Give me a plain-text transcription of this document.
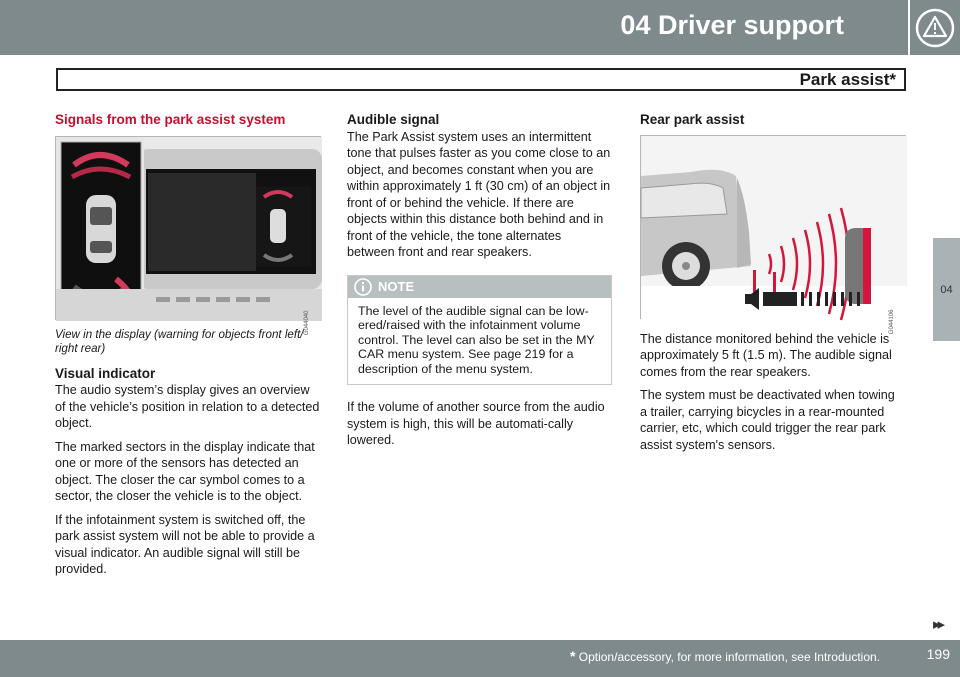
04 Driver support
Park assist*
04
Signals from the park assist system
G044040

View in the display (warning for objects front left/ right rear)

Visual indicator

The audio system’s display gives an overview of the vehicle’s position in relation to a detected object.

The marked sectors in the display indicate that one or more of the sensors has detected an object. The closer the car symbol comes to a sector, the closer the vehicle is to the object.

If the infotainment system is switched off, the park assist system will not be able to provide a visual indicator. An audible signal will still be provided.

Audible signal

The Park Assist system uses an intermittent tone that pulses faster as you come close to an object, and becomes constant when you are within approximately 1 ft (30 cm) of an object in front of or behind the vehicle. If there are objects within this distance both behind and in front of the vehicle, the tone alternates between front and rear speakers.

NOTE
The level of the audible signal can be low-ered/raised with the infotainment volume control. The level can also be set in the MY CAR menu system. See page 219 for a description of the menu system.

If the volume of another source from the audio system is high, this will be automati-cally lowered.

Rear park assist
G044106

The distance monitored behind the vehicle is approximately 5 ft (1.5 m). The audible signal comes from the rear speakers.

The system must be deactivated when towing a trailer, carrying bicycles in a rear-mounted carrier, etc, which could trigger the rear park assist system's sensors.

▸▸
* Option/accessory, for more information, see Introduction.	199
